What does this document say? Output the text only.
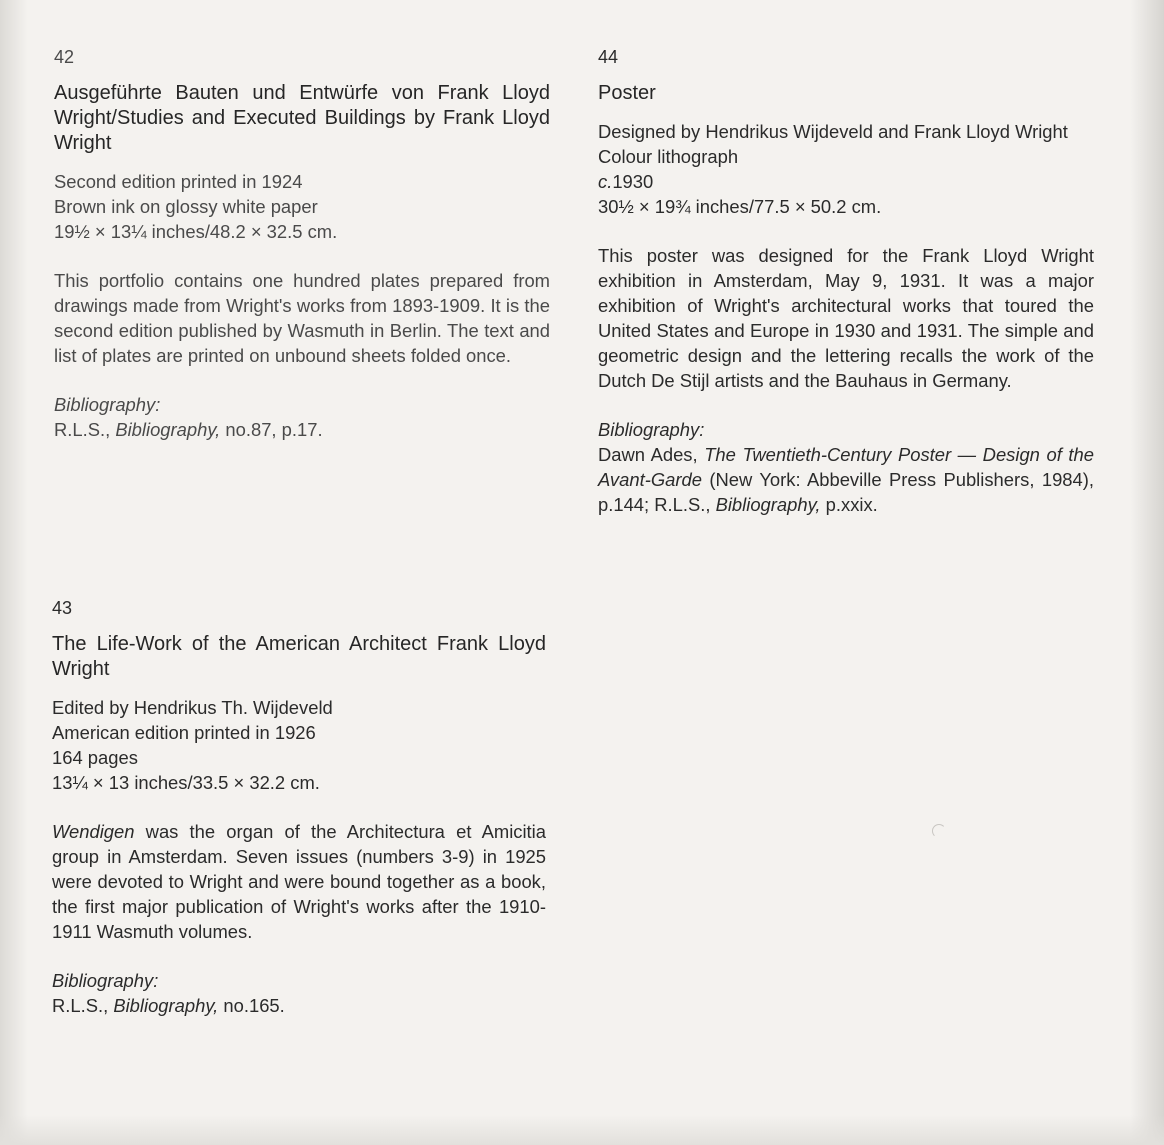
42
Ausgeführte Bauten und Entwürfe von Frank Lloyd Wright/Studies and Executed Buildings by Frank Lloyd Wright
Second edition printed in 1924
Brown ink on glossy white paper
19½ × 13¼ inches/48.2 × 32.5 cm.
This portfolio contains one hundred plates prepared from drawings made from Wright's works from 1893-1909. It is the second edition published by Wasmuth in Berlin. The text and list of plates are printed on unbound sheets folded once.
Bibliography:
R.L.S., Bibliography, no.87, p.17.
43
The Life-Work of the American Architect Frank Lloyd Wright
Edited by Hendrikus Th. Wijdeveld
American edition printed in 1926
164 pages
13¼ × 13 inches/33.5 × 32.2 cm.
Wendigen was the organ of the Architectura et Amicitia group in Amsterdam. Seven issues (numbers 3-9) in 1925 were devoted to Wright and were bound together as a book, the first major publication of Wright's works after the 1910-1911 Wasmuth volumes.
Bibliography:
R.L.S., Bibliography, no.165.
44
Poster
Designed by Hendrikus Wijdeveld and Frank Lloyd Wright
Colour lithograph
c.1930
30½ × 19¾ inches/77.5 × 50.2 cm.
This poster was designed for the Frank Lloyd Wright exhibition in Amsterdam, May 9, 1931. It was a major exhibition of Wright's architectural works that toured the United States and Europe in 1930 and 1931. The simple and geometric design and the lettering recalls the work of the Dutch De Stijl artists and the Bauhaus in Germany.
Bibliography:
Dawn Ades, The Twentieth-Century Poster — Design of the Avant-Garde (New York: Abbeville Press Publishers, 1984), p.144; R.L.S., Bibliography, p.xxix.
